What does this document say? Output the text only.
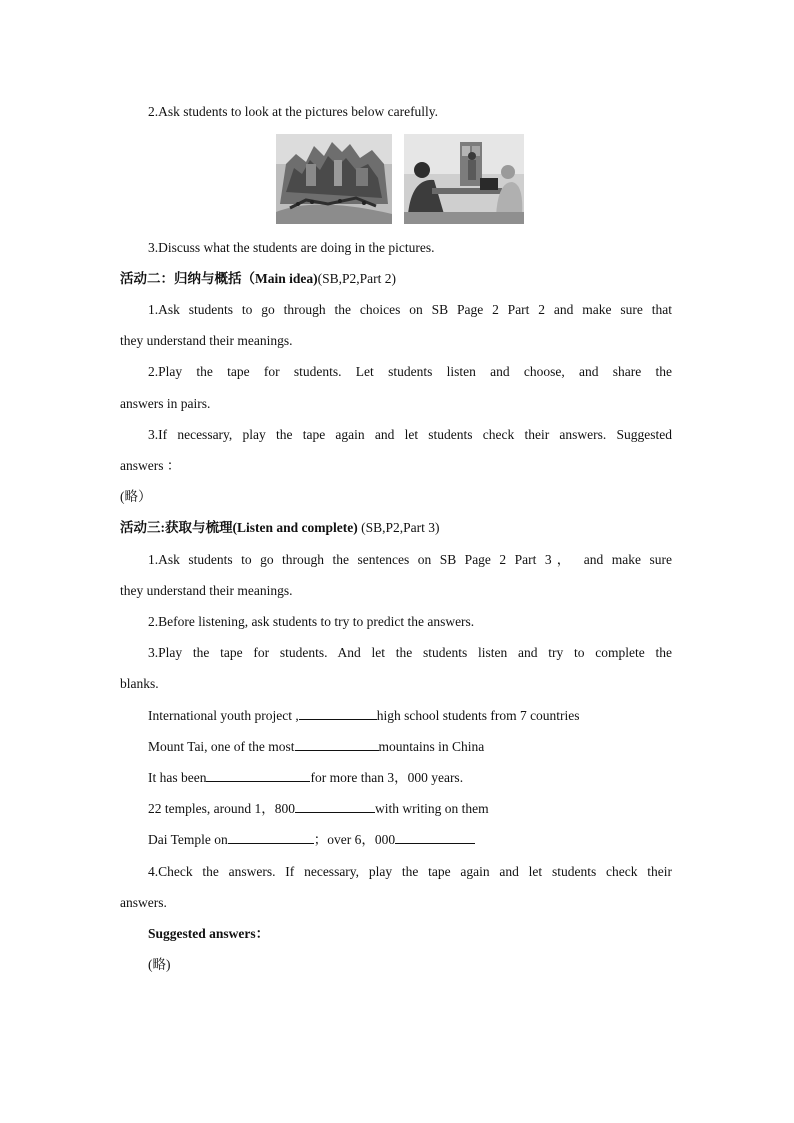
2.Ask students to look at the pictures below carefully.
3.Discuss what the students are doing in the pictures.
活动二：归纳与概括（Main idea)(SB,P2,Part 2)
1.Ask students to go through the choices on SB Page 2 Part 2 and make sure that
they understand their meanings.
2.Play the tape for students. Let students listen and choose, and share the
answers in pairs.
3.If necessary, play the tape again and let students check their answers. Suggested
answers ：
(略）
活动三:获取与梳理(Listen and complete) (SB,P2,Part 3)
1.Ask students to go through the sentences on SB Page 2 Part 3， and make sure
they understand their meanings.
2.Before listening, ask students to try to predict the answers.
3.Play the tape for students. And let the students listen and try to complete the
blanks.
International youth project ,	high school students from 7 countries
Mount Tai, one of the most	mountains in China
It has been	for more than 3，000 years.
22 temples, around 1，800	with writing on them
Dai Temple on	；over 6，000
4.Check the answers. If necessary, play the tape again and let students check their
answers.
Suggested answers：
(略)
